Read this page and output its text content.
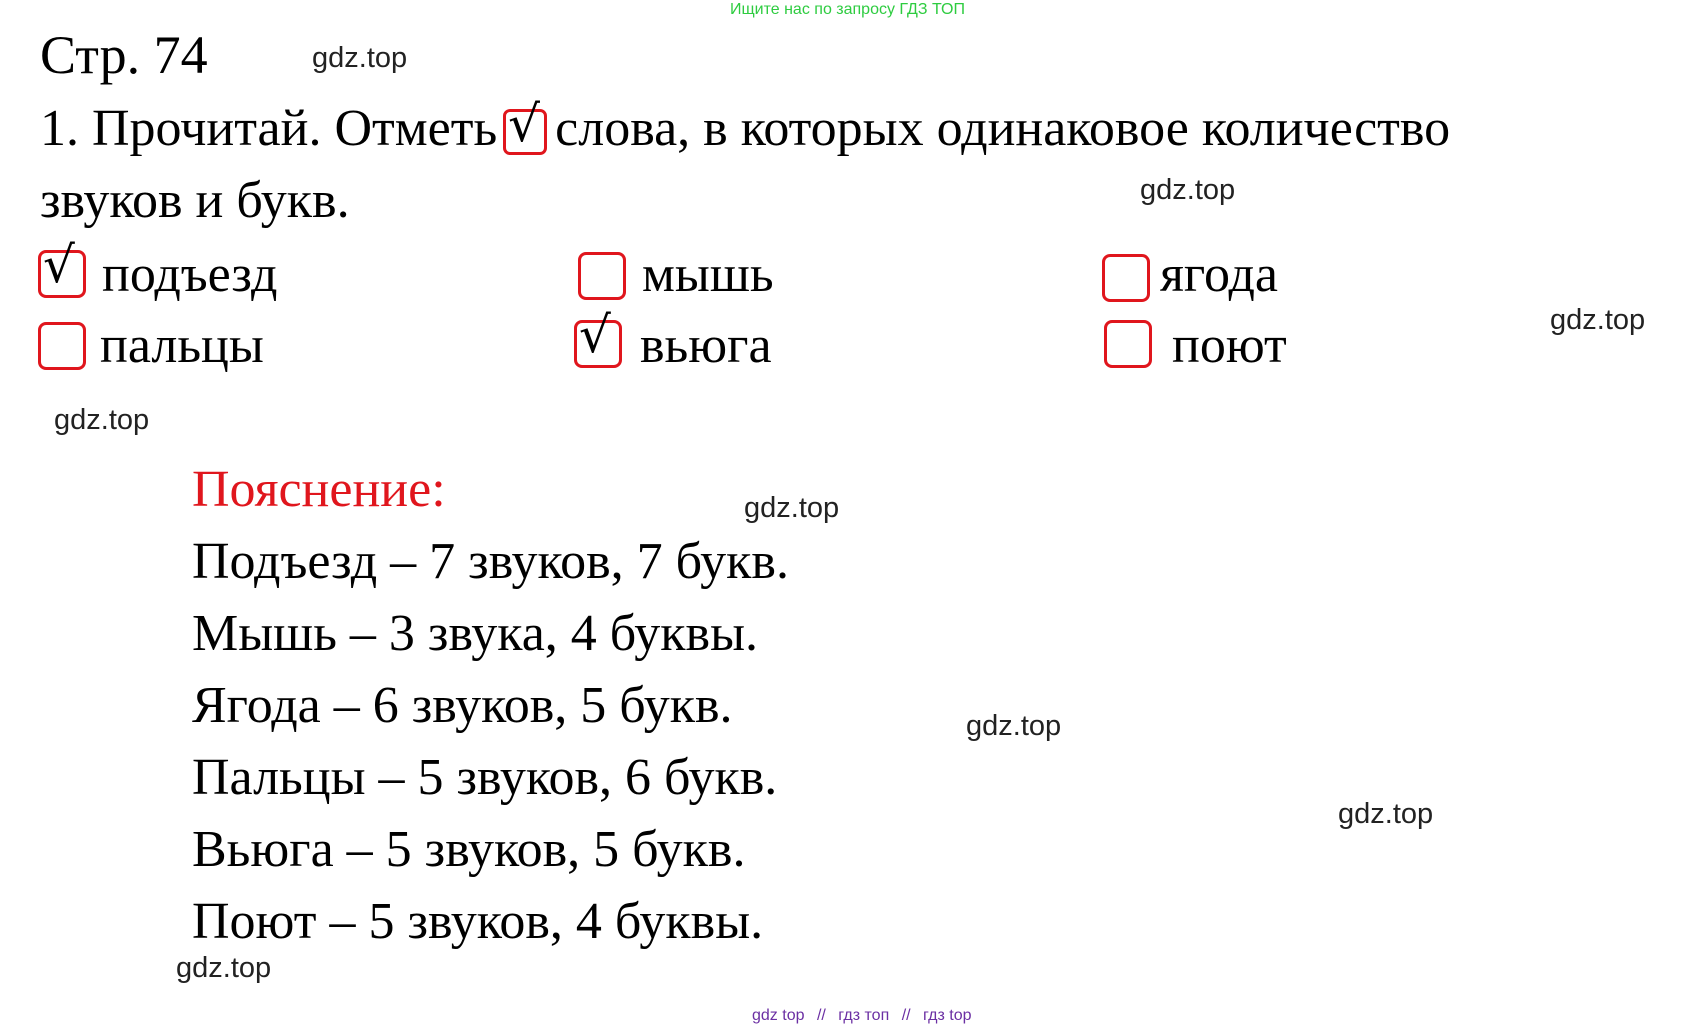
Ищите нас по запросу ГДЗ ТОП
Стр. 74
1. Прочитай. Отметь √ слова, в которых одинаковое количество
звуков и букв.
√ подъезд	мышь	ягода
пальцы	√ вьюга	поют
Пояснение:
Подъезд – 7 звуков, 7 букв.
Мышь – 3 звука, 4 буквы.
Ягода – 6 звуков, 5 букв.
Пальцы – 5 звуков, 6 букв.
Вьюга – 5 звуков, 5 букв.
Поют – 5 звуков, 4 буквы.
gdz.top
gdz.top
gdz.top
gdz.top
gdz.top
gdz.top
gdz.top
gdz.top
gdz top // гдз топ // гдз top
